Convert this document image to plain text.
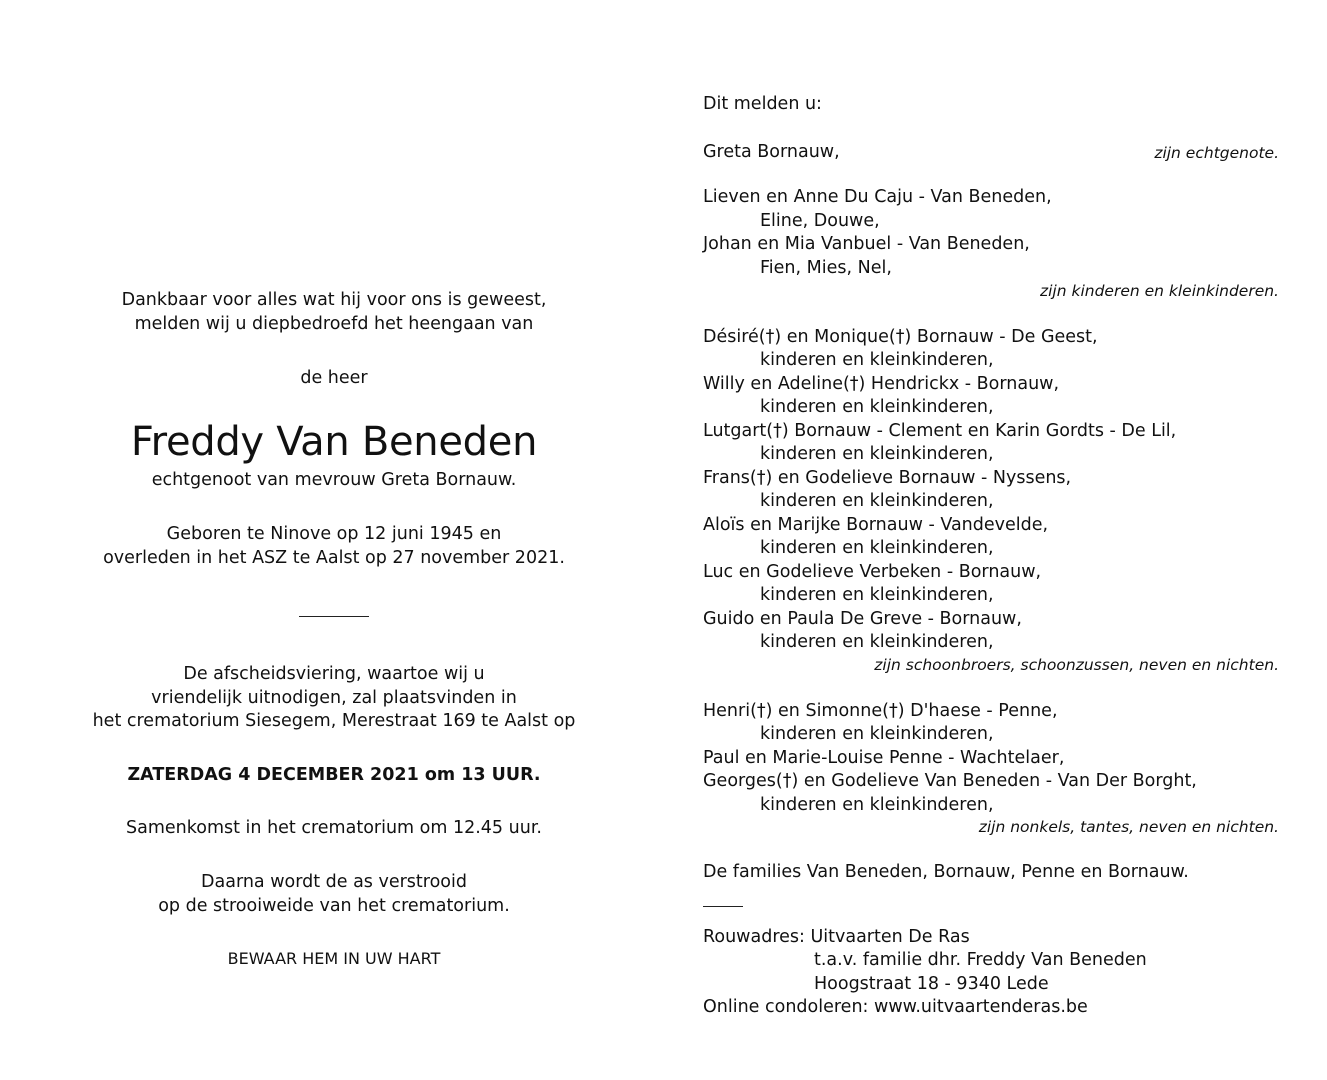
Dankbaar voor alles wat hij voor ons is geweest,
melden wij u diepbedroefd het heengaan van
de heer
Freddy Van Beneden
echtgenoot van mevrouw Greta Bornauw.
Geboren te Ninove op 12 juni 1945 en
overleden in het ASZ te Aalst op 27 november 2021.
De afscheidsviering, waartoe wij u
vriendelijk uitnodigen, zal plaatsvinden in
het crematorium Siesegem, Merestraat 169 te Aalst op
ZATERDAG 4 DECEMBER 2021 om 13 UUR.
Samenkomst in het crematorium om 12.45 uur.
Daarna wordt de as verstrooid
op de strooiweide van het crematorium.
BEWAAR HEM IN UW HART
Dit melden u:
Greta Bornauw,	zijn echtgenote.
Lieven en Anne Du Caju - Van Beneden,
Eline, Douwe,
Johan en Mia Vanbuel - Van Beneden,
Fien, Mies, Nel,
zijn kinderen en kleinkinderen.
Désiré(†) en Monique(†) Bornauw - De Geest,
kinderen en kleinkinderen,
Willy en Adeline(†) Hendrickx - Bornauw,
kinderen en kleinkinderen,
Lutgart(†) Bornauw - Clement en Karin Gordts - De Lil,
kinderen en kleinkinderen,
Frans(†) en Godelieve Bornauw - Nyssens,
kinderen en kleinkinderen,
Aloïs en Marijke Bornauw - Vandevelde,
kinderen en kleinkinderen,
Luc en Godelieve Verbeken - Bornauw,
kinderen en kleinkinderen,
Guido en Paula De Greve - Bornauw,
kinderen en kleinkinderen,
zijn schoonbroers, schoonzussen, neven en nichten.
Henri(†) en Simonne(†) D'haese - Penne,
kinderen en kleinkinderen,
Paul en Marie-Louise Penne - Wachtelaer,
Georges(†) en Godelieve Van Beneden - Van Der Borght,
kinderen en kleinkinderen,
zijn nonkels, tantes, neven en nichten.
De families Van Beneden, Bornauw, Penne en Bornauw.
Rouwadres: Uitvaarten De Ras
t.a.v. familie dhr. Freddy Van Beneden
Hoogstraat 18 - 9340 Lede
Online condoleren: www.uitvaartenderas.be
